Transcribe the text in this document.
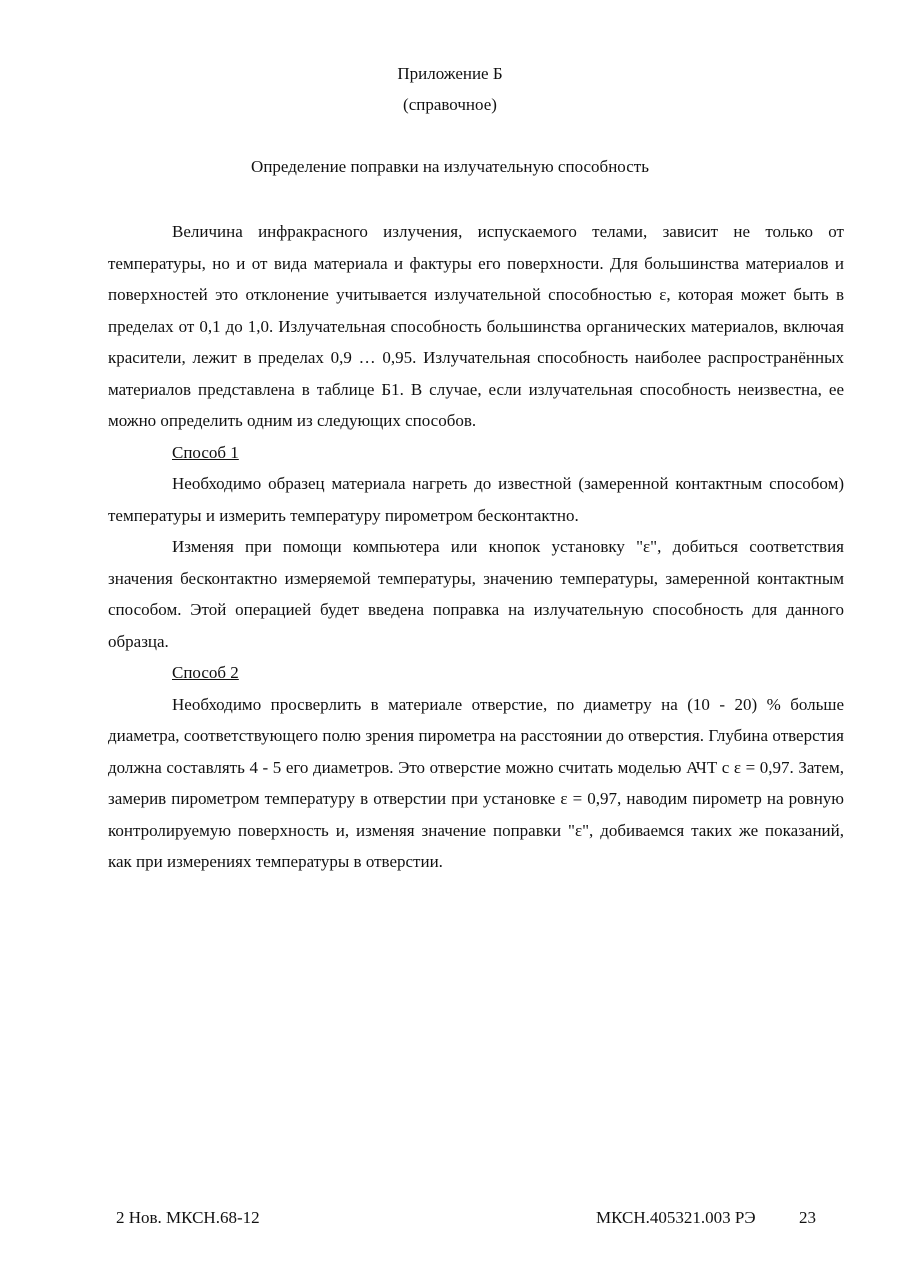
Приложение Б
(справочное)
Определение поправки на излучательную способность

Величина инфракрасного излучения, испускаемого телами, зависит не только от температуры, но и от вида материала и фактуры его поверхности. Для большинства материалов и поверхностей это отклонение учитывается излучательной способностью ε, которая может быть в пределах от 0,1 до 1,0. Излучательная способность большинства органических материалов, включая красители, лежит в пределах 0,9 … 0,95. Излучательная способность наиболее распространённых материалов представлена в таблице Б1. В случае, если излучательная способность неизвестна, ее можно определить одним из следующих способов.

Способ 1

Необходимо образец материала нагреть до известной (замеренной контактным способом) температуры и измерить температуру пирометром бесконтактно.

Изменяя при помощи компьютера или кнопок установку "ε", добиться соответствия значения бесконтактно измеряемой температуры, значению температуры, замеренной контактным способом. Этой операцией будет введена поправка на излучательную способность для данного образца.

Способ 2

Необходимо просверлить в материале отверстие, по диаметру на (10 - 20) % больше диаметра, соответствующего полю зрения пирометра на расстоянии до отверстия. Глубина отверстия должна составлять 4 - 5 его диаметров. Это отверстие можно считать моделью АЧТ с ε = 0,97. Затем, замерив пирометром температуру в отверстии при установке ε = 0,97, наводим пирометр на ровную контролируемую поверхность и, изменяя значение поправки "ε", добиваемся таких же показаний, как при измерениях температуры в отверстии.

2 Нов. МКСН.68-12	МКСН.405321.003 РЭ	23
